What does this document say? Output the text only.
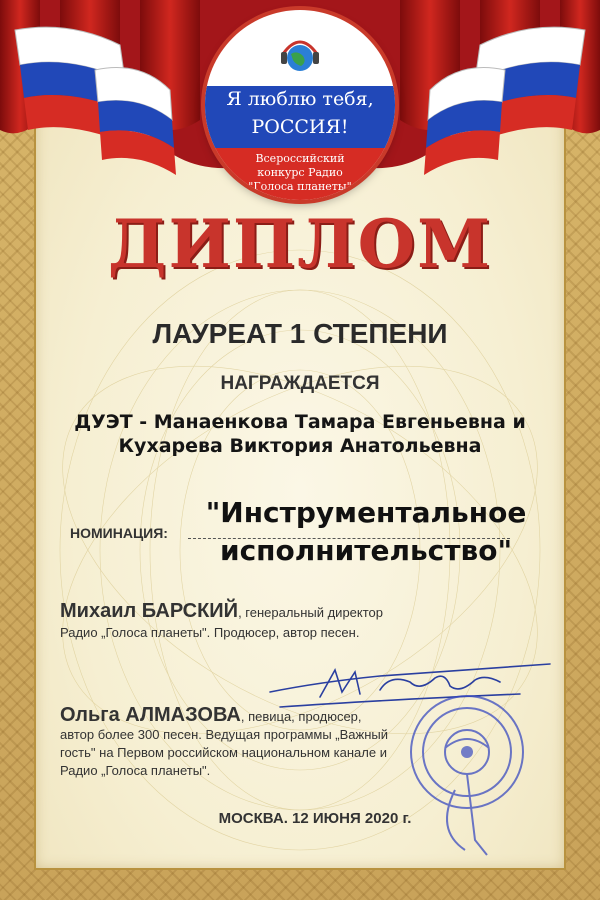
Я люблю тебя,
РОССИЯ!
Всероссийский
конкурс Радио
"Голоса планеты"
ДИПЛОМ
ЛАУРЕАТ 1 СТЕПЕНИ
НАГРАЖДАЕТСЯ
ДУЭТ - Манаенкова Тамара Евгеньевна и Кухарева Виктория Анатольевна
НОМИНАЦИЯ:
"Инструментальное исполнительство"
Михаил БАРСКИЙ, генеральный директор
Радио „Голоса планеты". Продюсер, автор песен.
Ольга АЛМАЗОВА, певица, продюсер,
автор более 300 песен. Ведущая программы „Важный гость" на Первом российском национальном канале и Радио „Голоса планеты".
МОСКВА. 12 ИЮНЯ 2020 г.
